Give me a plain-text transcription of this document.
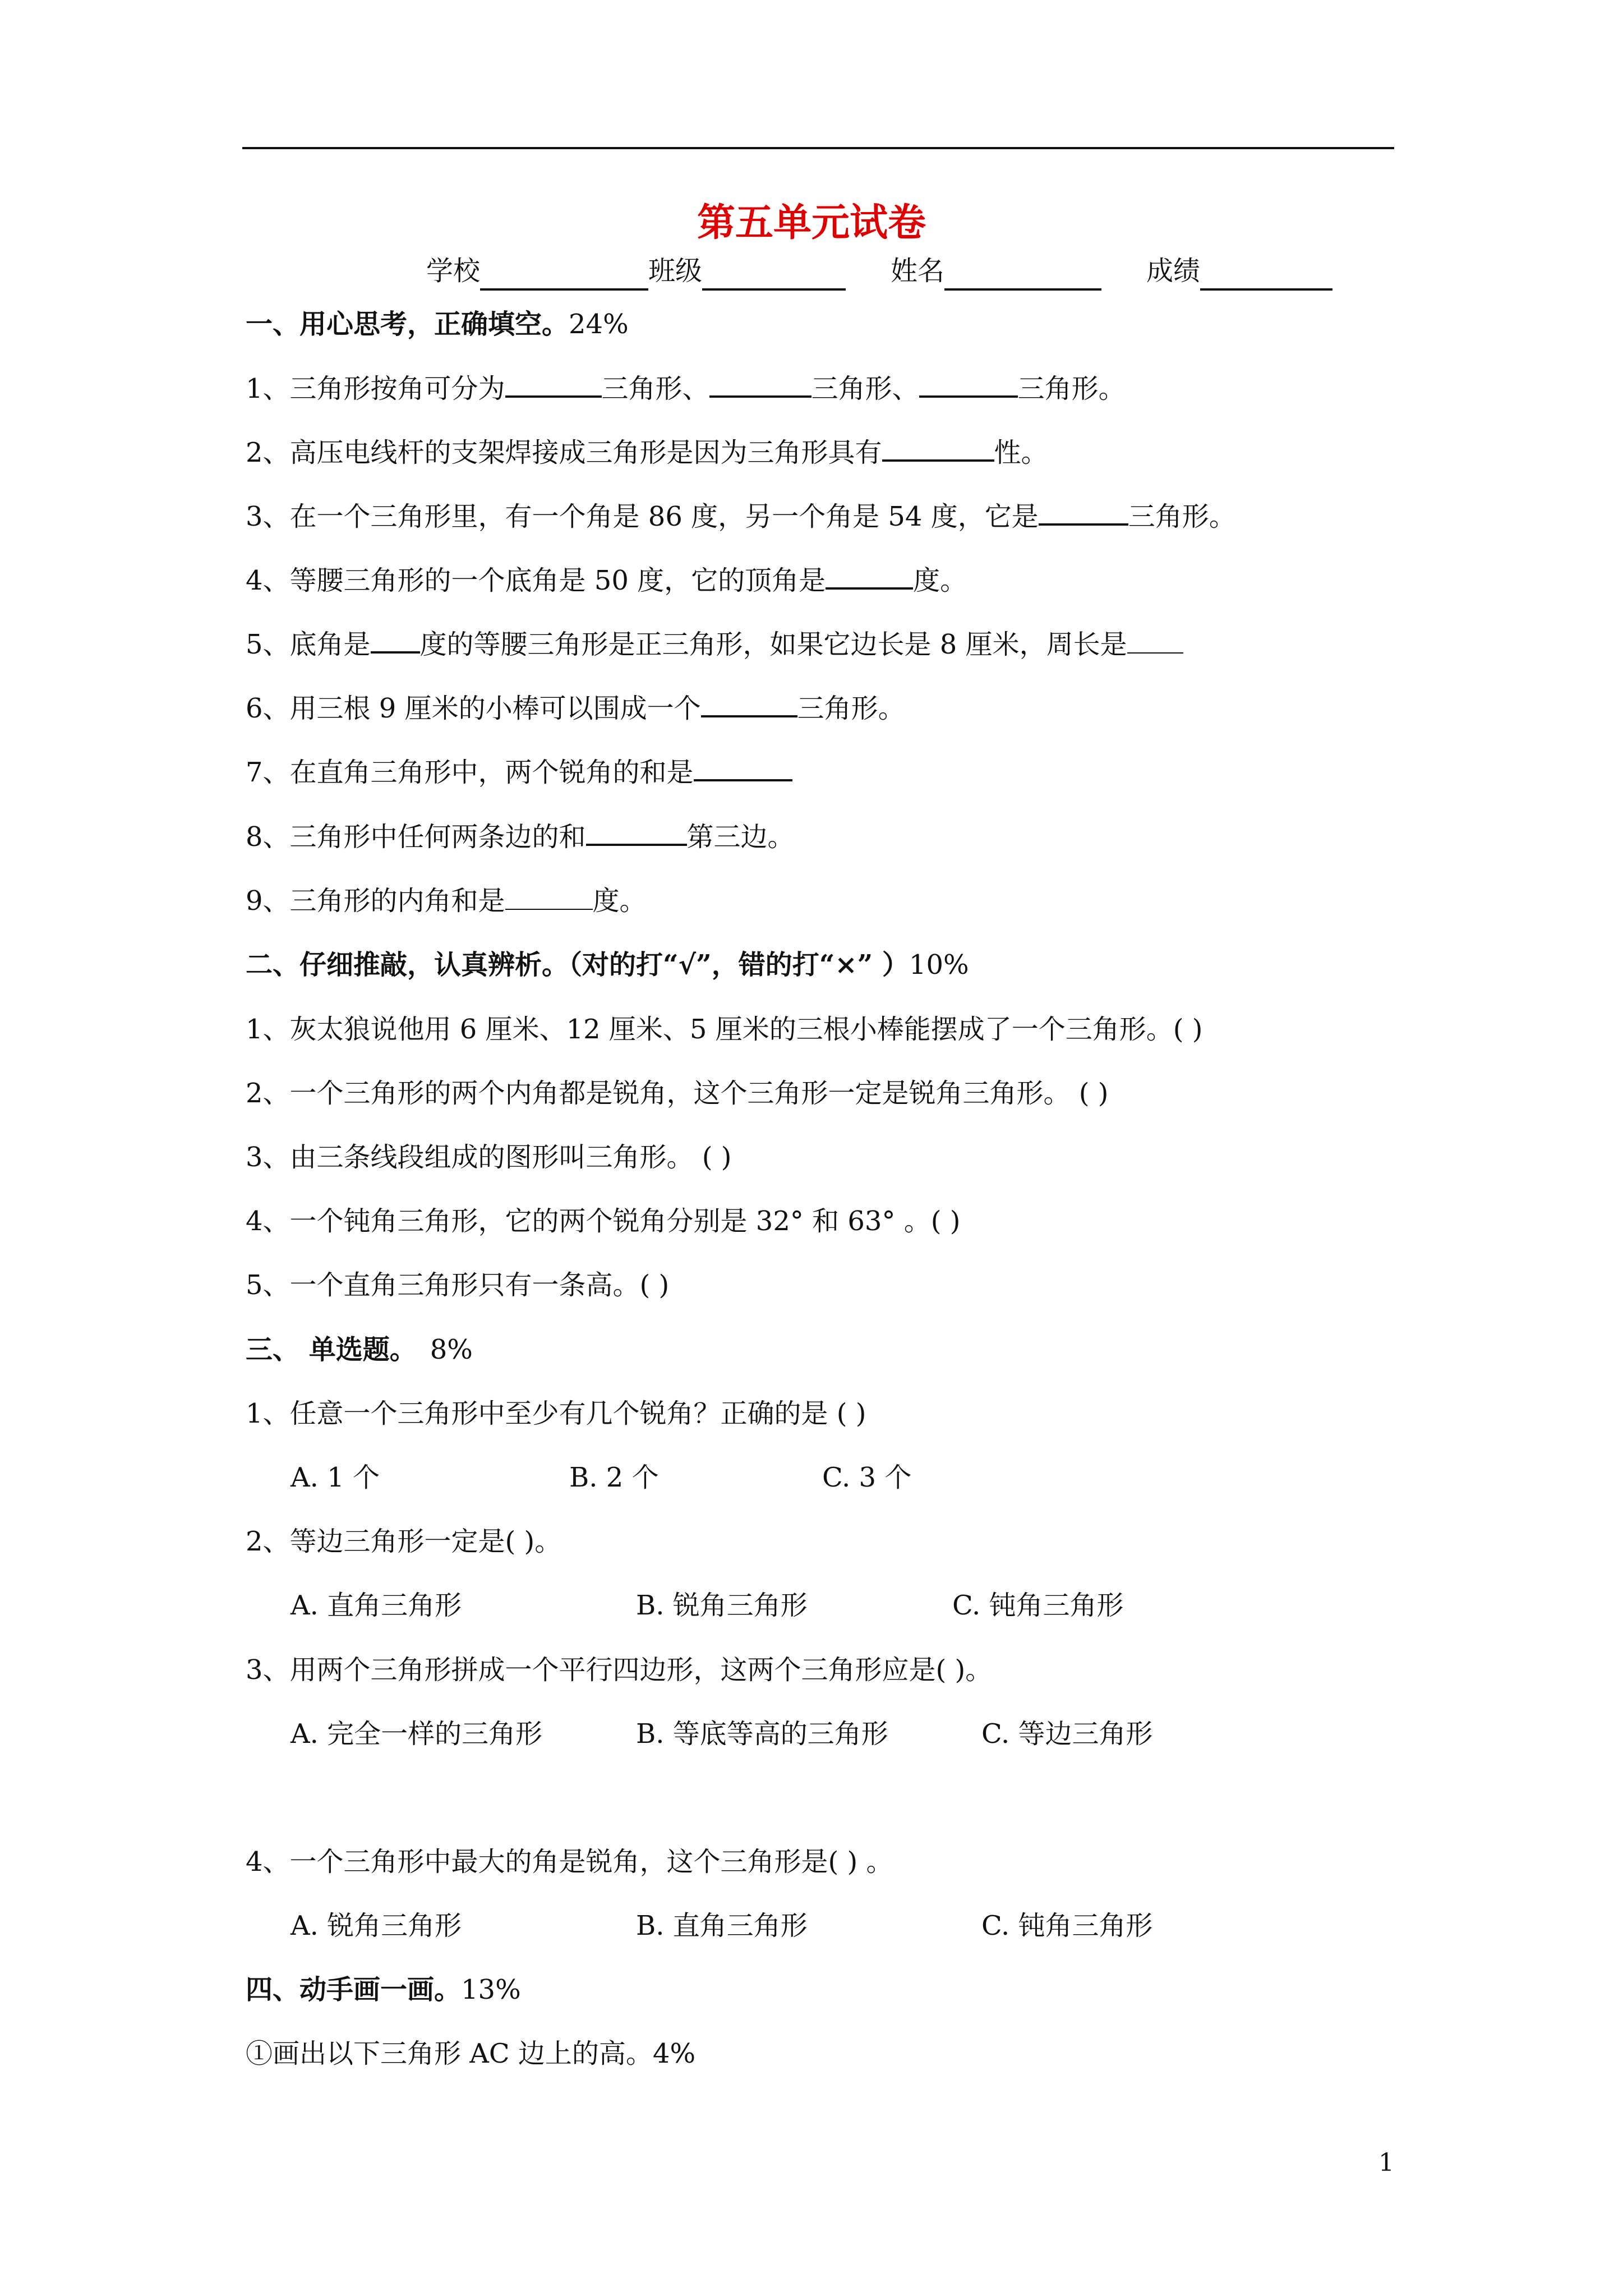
第五单元试卷
学校	班级	姓名	成绩
一、用心思考，正确填空。24%
1、三角形按角可分为	三角形、	三角形、	三角形。
2、高压电线杆的支架焊接成三角形是因为三角形具有	性。
3、在一个三角形里，有一个角是 86 度，另一个角是 54 度，它是	三角形。
4、等腰三角形的一个底角是 50 度，它的顶角是	度。
5、底角是 度的等腰三角形是正三角形，如果它边长是 8 厘米，周长是
6、用三根 9 厘米的小棒可以围成一个	三角形。
7、在直角三角形中，两个锐角的和是
8、三角形中任何两条边的和	第三边。
9、三角形的内角和是	度。
二、仔细推敲，认真辨析。（对的打“√”，错的打“×” ）10%
1、灰太狼说他用 6 厘米、12 厘米、5 厘米的三根小棒能摆成了一个三角形。( )
2、一个三角形的两个内角都是锐角，这个三角形一定是锐角三角形。 ( )
3、由三条线段组成的图形叫三角形。 ( )
4、一个钝角三角形，它的两个锐角分别是 32° 和 63° 。( )
5、一个直角三角形只有一条高。( )
三、 单选题。 8%
1、任意一个三角形中至少有几个锐角？正确的是 ( )
A. 1 个	B. 2 个	C. 3 个
2、等边三角形一定是( )。
A. 直角三角形	B. 锐角三角形	C. 钝角三角形
3、用两个三角形拼成一个平行四边形，这两个三角形应是( )。
A. 完全一样的三角形	B. 等底等高的三角形	C. 等边三角形
4、一个三角形中最大的角是锐角，这个三角形是( ) 。
A. 锐角三角形	B. 直角三角形	C. 钝角三角形
四、动手画一画。13%
①画出以下三角形 AC 边上的高。4%
1
